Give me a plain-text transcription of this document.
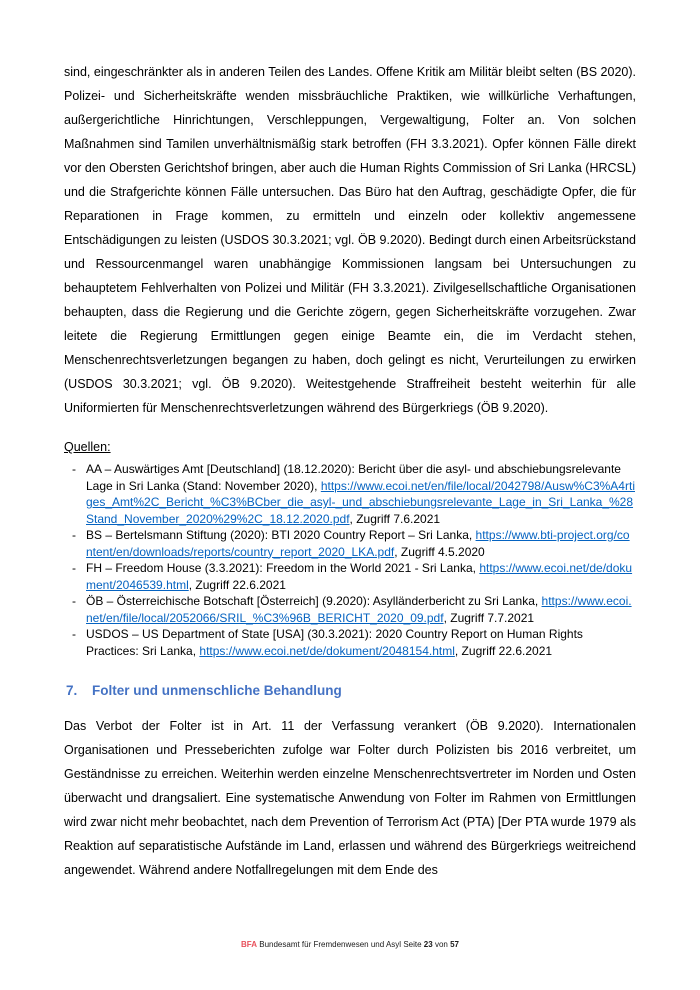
sind, eingeschränkter als in anderen Teilen des Landes. Offene Kritik am Militär bleibt selten (BS 2020). Polizei- und Sicherheitskräfte wenden missbräuchliche Praktiken, wie willkürliche Verhaftungen, außergerichtliche Hinrichtungen, Verschleppungen, Vergewaltigung, Folter an. Von solchen Maßnahmen sind Tamilen unverhältnismäßig stark betroffen (FH 3.3.2021). Opfer können Fälle direkt vor den Obersten Gerichtshof bringen, aber auch die Human Rights Commission of Sri Lanka (HRCSL) und die Strafgerichte können Fälle untersuchen. Das Büro hat den Auftrag, geschädigte Opfer, die für Reparationen in Frage kommen, zu ermitteln und einzeln oder kollektiv angemessene Entschädigungen zu leisten (USDOS 30.3.2021; vgl. ÖB 9.2020). Bedingt durch einen Arbeitsrückstand und Ressourcenmangel waren unabhängige Kommissionen langsam bei Untersuchungen zu behauptetem Fehlverhalten von Polizei und Militär (FH 3.3.2021). Zivilgesellschaftliche Organisationen behaupten, dass die Regierung und die Gerichte zögern, gegen Sicherheitskräfte vorzugehen. Zwar leitete die Regierung Ermittlungen gegen einige Beamte ein, die im Verdacht stehen, Menschenrechtsverletzungen begangen zu haben, doch gelingt es nicht, Verurteilungen zu erwirken (USDOS 30.3.2021; vgl. ÖB 9.2020). Weitestgehende Straffreiheit besteht weiterhin für alle Uniformierten für Menschenrechtsverletzungen während des Bürgerkriegs (ÖB 9.2020).

Quellen:
- AA – Auswärtiges Amt [Deutschland] (18.12.2020): Bericht über die asyl- und abschiebungsrelevante Lage in Sri Lanka (Stand: November 2020), https://www.ecoi.net/en/file/local/2042798/Ausw%C3%A4rtiges_Amt%2C_Bericht_%C3%BCber_die_asyl-_und_abschiebungsrelevante_Lage_in_Sri_Lanka_%28Stand_November_2020%29%2C_18.12.2020.pdf, Zugriff 7.6.2021
- BS – Bertelsmann Stiftung (2020): BTI 2020 Country Report – Sri Lanka, https://www.bti-project.org/content/en/downloads/reports/country_report_2020_LKA.pdf, Zugriff 4.5.2020
- FH – Freedom House (3.3.2021): Freedom in the World 2021 - Sri Lanka, https://www.ecoi.net/de/dokument/2046539.html, Zugriff 22.6.2021
- ÖB – Österreichische Botschaft [Österreich] (9.2020): Asylländerbericht zu Sri Lanka, https://www.ecoi.net/en/file/local/2052066/SRIL_%C3%96B_BERICHT_2020_09.pdf, Zugriff 7.7.2021
- USDOS – US Department of State [USA] (30.3.2021): 2020 Country Report on Human Rights Practices: Sri Lanka, https://www.ecoi.net/de/dokument/2048154.html, Zugriff 22.6.2021
7. Folter und unmenschliche Behandlung

Das Verbot der Folter ist in Art. 11 der Verfassung verankert (ÖB 9.2020). Internationalen Organisationen und Presseberichten zufolge war Folter durch Polizisten bis 2016 verbreitet, um Geständnisse zu erreichen. Weiterhin werden einzelne Menschenrechtsvertreter im Norden und Osten überwacht und drangsaliert. Eine systematische Anwendung von Folter im Rahmen von Ermittlungen wird zwar nicht mehr beobachtet, nach dem Prevention of Terrorism Act (PTA) [Der PTA wurde 1979 als Reaktion auf separatistische Aufstände im Land, erlassen und während des Bürgerkriegs weitreichend angewendet. Während andere Notfallregelungen mit dem Ende des

BFA Bundesamt für Fremdenwesen und Asyl Seite 23 von 57
